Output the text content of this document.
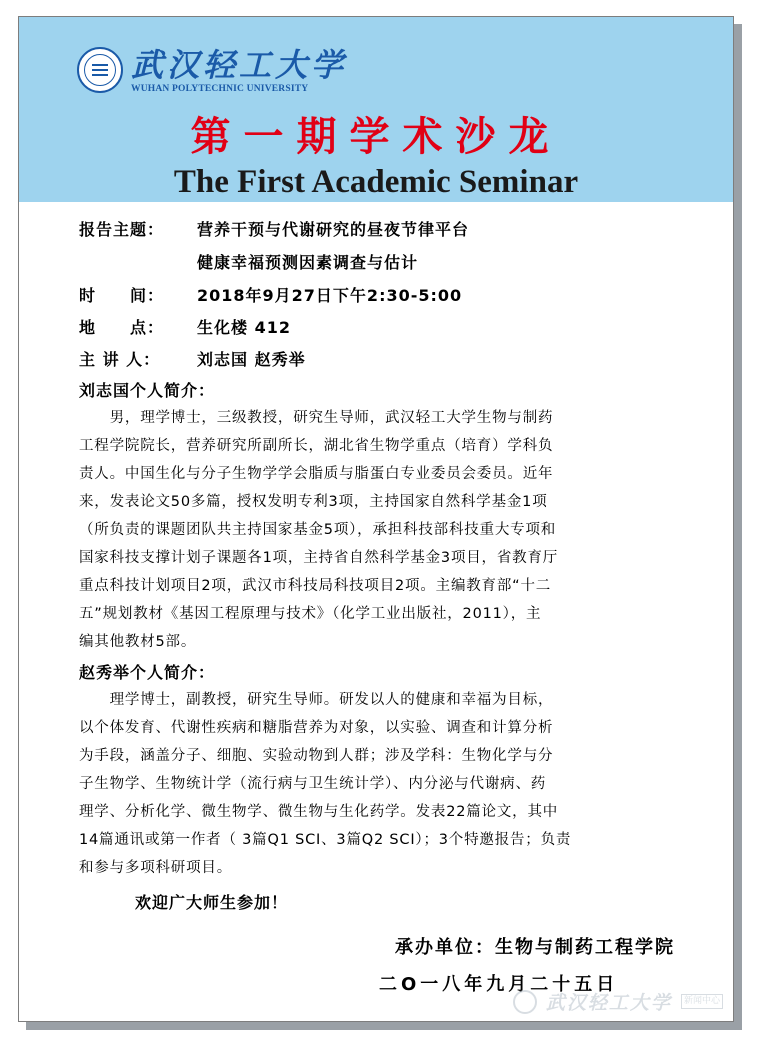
武汉轻工大学
WUHAN POLYTECHNIC UNIVERSITY
第一期学术沙龙
The First Academic Seminar
报告主题： 营养干预与代谢研究的昼夜节律平台
健康幸福预测因素调查与估计
时　　间： 2018年9月27日下午2:30-5:00
地　　点： 生化楼 412
主 讲 人： 刘志国 赵秀举
刘志国个人简介：
　　男，理学博士，三级教授，研究生导师，武汉轻工大学生物与制药
工程学院院长，营养研究所副所长，湖北省生物学重点（培育）学科负
责人。中国生化与分子生物学学会脂质与脂蛋白专业委员会委员。近年
来，发表论文50多篇，授权发明专利3项，主持国家自然科学基金1项
（所负责的课题团队共主持国家基金5项），承担科技部科技重大专项和
国家科技支撑计划子课题各1项，主持省自然科学基金3项目，省教育厅
重点科技计划项目2项，武汉市科技局科技项目2项。主编教育部“十二
五”规划教材《基因工程原理与技术》（化学工业出版社，2011），主
编其他教材5部。
赵秀举个人简介：
　　理学博士，副教授，研究生导师。研发以人的健康和幸福为目标，
以个体发育、代谢性疾病和糖脂营养为对象，以实验、调查和计算分析
为手段，涵盖分子、细胞、实验动物到人群；涉及学科：生物化学与分
子生物学、生物统计学（流行病与卫生统计学）、内分泌与代谢病、药
理学、分析化学、微生物学、微生物与生化药学。发表22篇论文，其中
14篇通讯或第一作者（ 3篇Q1 SCI、3篇Q2 SCI）；3个特邀报告；负责
和参与多项科研项目。
欢迎广大师生参加！
承办单位：生物与制药工程学院
二O一八年九月二十五日
武汉轻工大学 新闻中心
